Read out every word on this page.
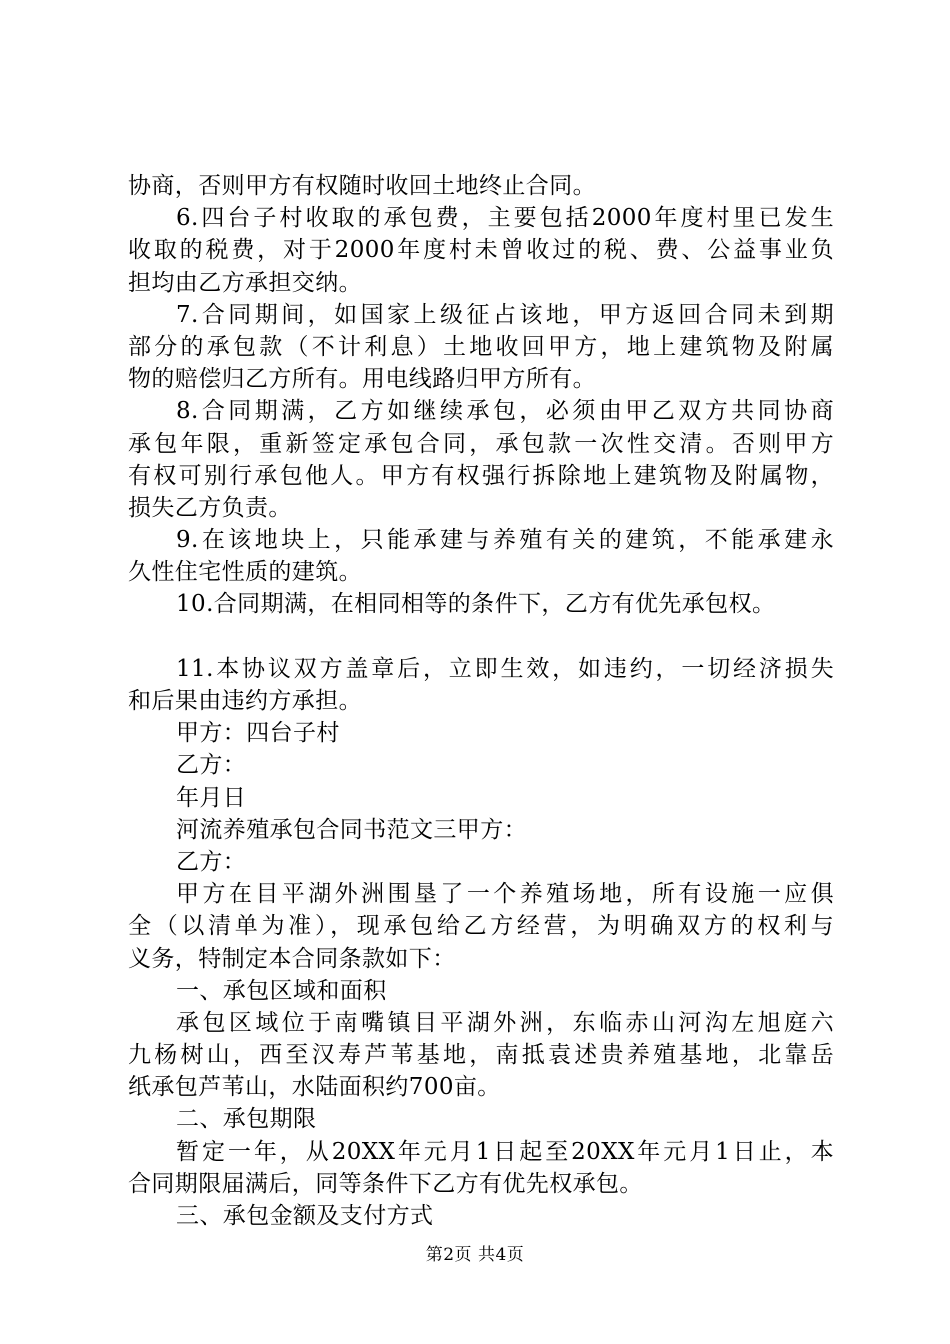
协商，否则甲方有权随时收回土地终止合同。
6.四台子村收取的承包费，主要包括2000年度村里已发生
收取的税费，对于2000年度村未曾收过的税、费、公益事业负
担均由乙方承担交纳。
7.合同期间，如国家上级征占该地，甲方返回合同未到期
部分的承包款（不计利息）土地收回甲方，地上建筑物及附属
物的赔偿归乙方所有。用电线路归甲方所有。
8.合同期满，乙方如继续承包，必须由甲乙双方共同协商
承包年限，重新签定承包合同，承包款一次性交清。否则甲方
有权可别行承包他人。甲方有权强行拆除地上建筑物及附属物，
损失乙方负责。
9.在该地块上，只能承建与养殖有关的建筑，不能承建永
久性住宅性质的建筑。
10.合同期满，在相同相等的条件下，乙方有优先承包权。
11.本协议双方盖章后，立即生效，如违约，一切经济损失
和后果由违约方承担。
甲方：四台子村
乙方：
年月日
河流养殖承包合同书范文三甲方：
乙方：
甲方在目平湖外洲围垦了一个养殖场地，所有设施一应俱
全（以清单为准），现承包给乙方经营，为明确双方的权利与
义务，特制定本合同条款如下：
一、承包区域和面积
承包区域位于南嘴镇目平湖外洲，东临赤山河沟左旭庭六
九杨树山，西至汉寿芦苇基地，南抵袁述贵养殖基地，北靠岳
纸承包芦苇山，水陆面积约700亩。
二、承包期限
暂定一年，从20XX年元月1日起至20XX年元月1日止，本
合同期限届满后，同等条件下乙方有优先权承包。
三、承包金额及支付方式
第2页 共4页
